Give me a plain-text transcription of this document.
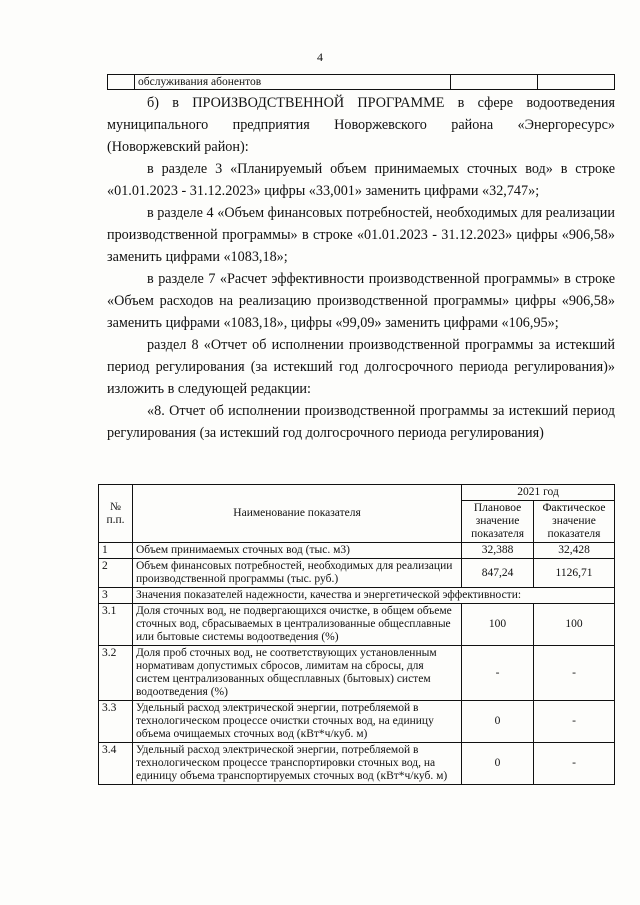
4
обслуживания абонентов

б) в ПРОИЗВОДСТВЕННОЙ ПРОГРАММЕ в сфере водоотведения муниципального предприятия Новоржевского района «Энергоресурс» (Новоржевский район):

в разделе 3 «Планируемый объем принимаемых сточных вод» в строке «01.01.2023 - 31.12.2023» цифры «33,001» заменить цифрами «32,747»;

в разделе 4 «Объем финансовых потребностей, необходимых для реализации производственной программы» в строке «01.01.2023 - 31.12.2023» цифры «906,58» заменить цифрами «1083,18»;

в разделе 7 «Расчет эффективности производственной программы» в строке «Объем расходов на реализацию производственной программы» цифры «906,58» заменить цифрами «1083,18», цифры «99,09» заменить цифрами «106,95»;

раздел 8 «Отчет об исполнении производственной программы за истекший период регулирования (за истекший год долгосрочного периода регулирования)» изложить в следующей редакции:

«8. Отчет об исполнении производственной программы за истекший период регулирования (за истекший год долгосрочного периода регулирования)

№ п.п.	Наименование показателя	2021 год	
		Плановое значение показателя	Фактическое значение показателя
1	Объем принимаемых сточных вод (тыс. м3)	32,388	32,428
2	Объем финансовых потребностей, необходимых для реализации производственной программы (тыс. руб.)	847,24	1126,71
3	Значения показателей надежности, качества и энергетической эффективности:		
3.1	Доля сточных вод, не подвергающихся очистке, в общем объеме сточных вод, сбрасываемых в централизованные общесплавные или бытовые системы водоотведения (%)	100	100
3.2	Доля проб сточных вод, не соответствующих установленным нормативам допустимых сбросов, лимитам на сбросы, для систем централизованных общесплавных (бытовых) систем водоотведения (%)	-	-
3.3	Удельный расход электрической энергии, потребляемой в технологическом процессе очистки сточных вод, на единицу объема очищаемых сточных вод (кВт*ч/куб. м)	0	-
3.4	Удельный расход электрической энергии, потребляемой в технологическом процессе транспортировки сточных вод, на единицу объема транспортируемых сточных вод (кВт*ч/куб. м)	0	-
